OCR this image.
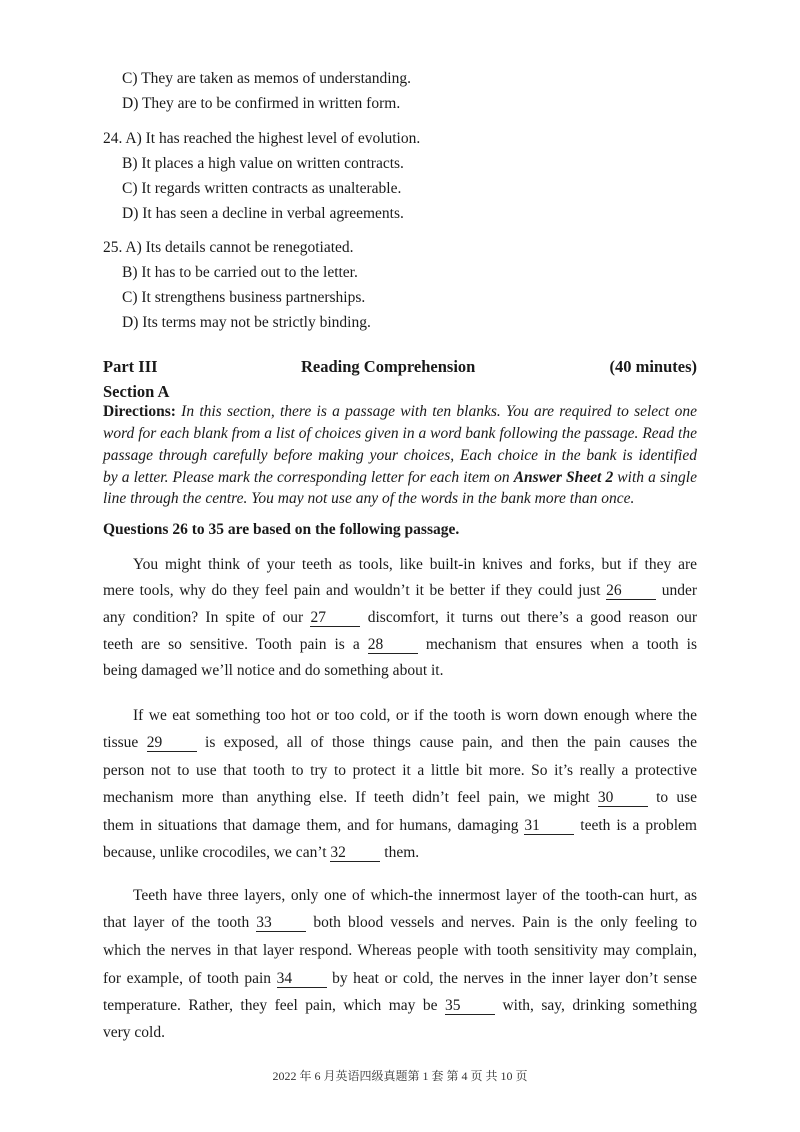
C) They are taken as memos of understanding.
D) They are to be confirmed in written form.
24. A) It has reached the highest level of evolution.
B) It places a high value on written contracts.
C) It regards written contracts as unalterable.
D) It has seen a decline in verbal agreements.
25. A) Its details cannot be renegotiated.
B) It has to be carried out to the letter.
C) It strengthens business partnerships.
D) Its terms may not be strictly binding.
Part III	Reading Comprehension	(40 minutes)
Section A
Directions: In this section, there is a passage with ten blanks. You are required to select one
word for each blank from a list of choices given in a word bank following the passage. Read the
passage through carefully before making your choices, Each choice in the bank is identified
by a letter. Please mark the corresponding letter for each item on Answer Sheet 2 with a single
line through the centre. You may not use any of the words in the bank more than once.
Questions 26 to 35 are based on the following passage.
You might think of your teeth as tools, like built-in knives and forks, but if they are
mere tools, why do they feel pain and wouldn’t it be better if they could just 26 under
any condition? In spite of our 27 discomfort, it turns out there’s a good reason our
teeth are so sensitive. Tooth pain is a 28 mechanism that ensures when a tooth is
being damaged we’ll notice and do something about it.
If we eat something too hot or too cold, or if the tooth is worn down enough where the
tissue 29 is exposed, all of those things cause pain, and then the pain causes the
person not to use that tooth to try to protect it a little bit more. So it’s really a protective
mechanism more than anything else. If teeth didn’t feel pain, we might 30 to use
them in situations that damage them, and for humans, damaging 31 teeth is a problem
because, unlike crocodiles, we can’t 32 them.
Teeth have three layers, only one of which-the innermost layer of the tooth-can hurt, as
that layer of the tooth 33 both blood vessels and nerves. Pain is the only feeling to
which the nerves in that layer respond. Whereas people with tooth sensitivity may complain,
for example, of tooth pain 34 by heat or cold, the nerves in the inner layer don’t sense
temperature. Rather, they feel pain, which may be 35 with, say, drinking something
very cold.
2022 年 6 月英语四级真题第 1 套 第 4 页 共 10 页
